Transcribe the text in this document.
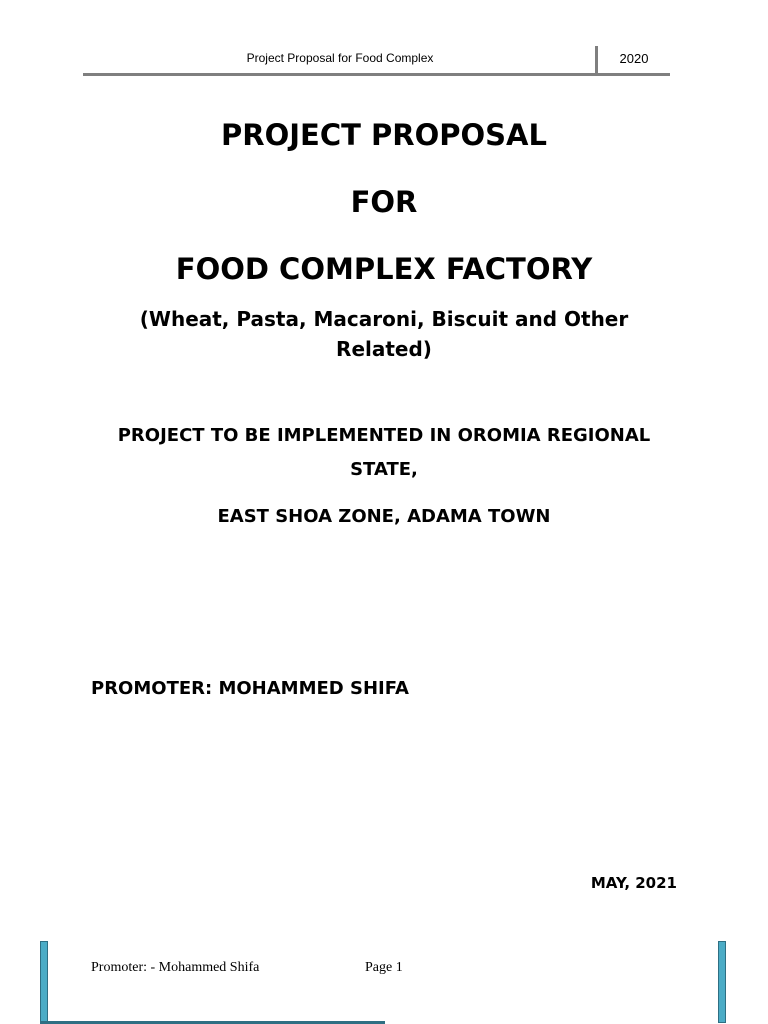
Project Proposal for Food Complex	2020
PROJECT PROPOSAL
FOR
FOOD COMPLEX FACTORY
(Wheat, Pasta, Macaroni, Biscuit and Other
Related)
PROJECT TO BE IMPLEMENTED IN OROMIA REGIONAL
STATE,
EAST SHOA ZONE, ADAMA TOWN
PROMOTER: MOHAMMED SHIFA
MAY, 2021
Promoter: - Mohammed Shifa	Page 1
